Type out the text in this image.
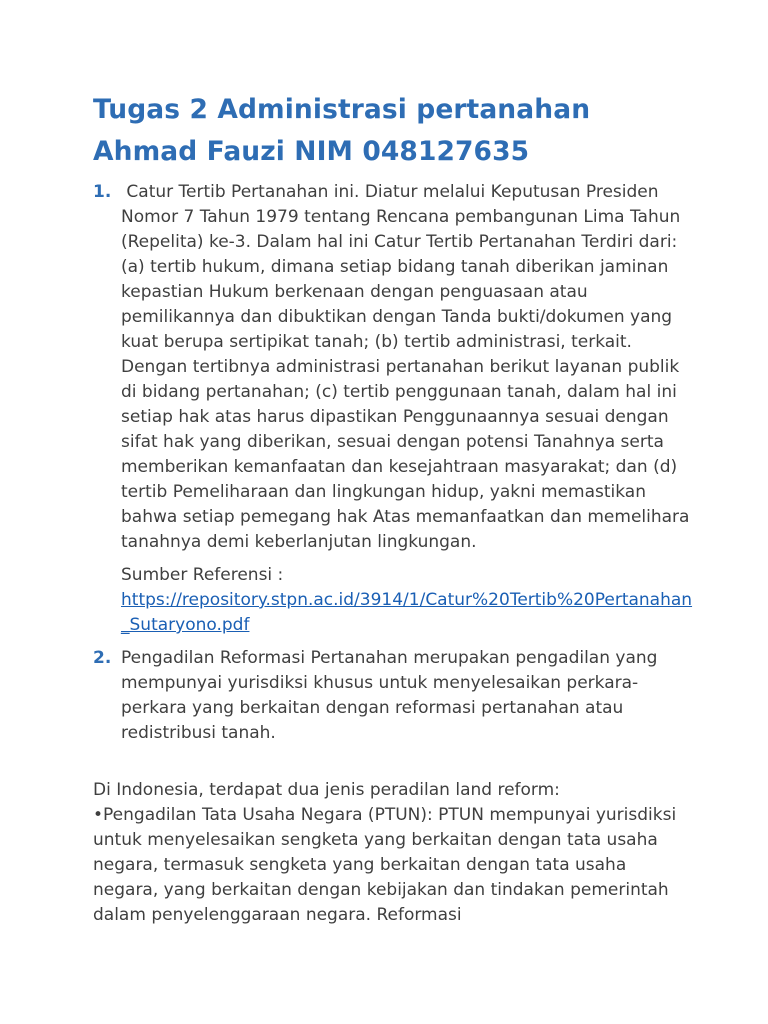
Tugas 2 Administrasi pertanahan Ahmad Fauzi NIM 048127635
1. Catur Tertib Pertanahan ini. Diatur melalui Keputusan Presiden Nomor 7 Tahun 1979 tentang Rencana pembangunan Lima Tahun (Repelita) ke-3. Dalam hal ini Catur Tertib Pertanahan Terdiri dari: (a) tertib hukum, dimana setiap bidang tanah diberikan jaminan kepastian Hukum berkenaan dengan penguasaan atau pemilikannya dan dibuktikan dengan Tanda bukti/dokumen yang kuat berupa sertipikat tanah; (b) tertib administrasi, terkait. Dengan tertibnya administrasi pertanahan berikut layanan publik di bidang pertanahan; (c) tertib penggunaan tanah, dalam hal ini setiap hak atas harus dipastikan Penggunaannya sesuai dengan sifat hak yang diberikan, sesuai dengan potensi Tanahnya serta memberikan kemanfaatan dan kesejahtraan masyarakat; dan (d) tertib Pemeliharaan dan lingkungan hidup, yakni memastikan bahwa setiap pemegang hak Atas memanfaatkan dan memelihara tanahnya demi keberlanjutan lingkungan.

Sumber Referensi :
https://repository.stpn.ac.id/3914/1/Catur%20Tertib%20Pertanahan_Sutaryono.pdf
2. Pengadilan Reformasi Pertanahan merupakan pengadilan yang mempunyai yurisdiksi khusus untuk menyelesaikan perkara-perkara yang berkaitan dengan reformasi pertanahan atau redistribusi tanah.

Di Indonesia, terdapat dua jenis peradilan land reform:

•Pengadilan Tata Usaha Negara (PTUN): PTUN mempunyai yurisdiksi untuk menyelesaikan sengketa yang berkaitan dengan tata usaha negara, termasuk sengketa yang berkaitan dengan tata usaha negara, yang berkaitan dengan kebijakan dan tindakan pemerintah dalam penyelenggaraan negara. Reformasi
